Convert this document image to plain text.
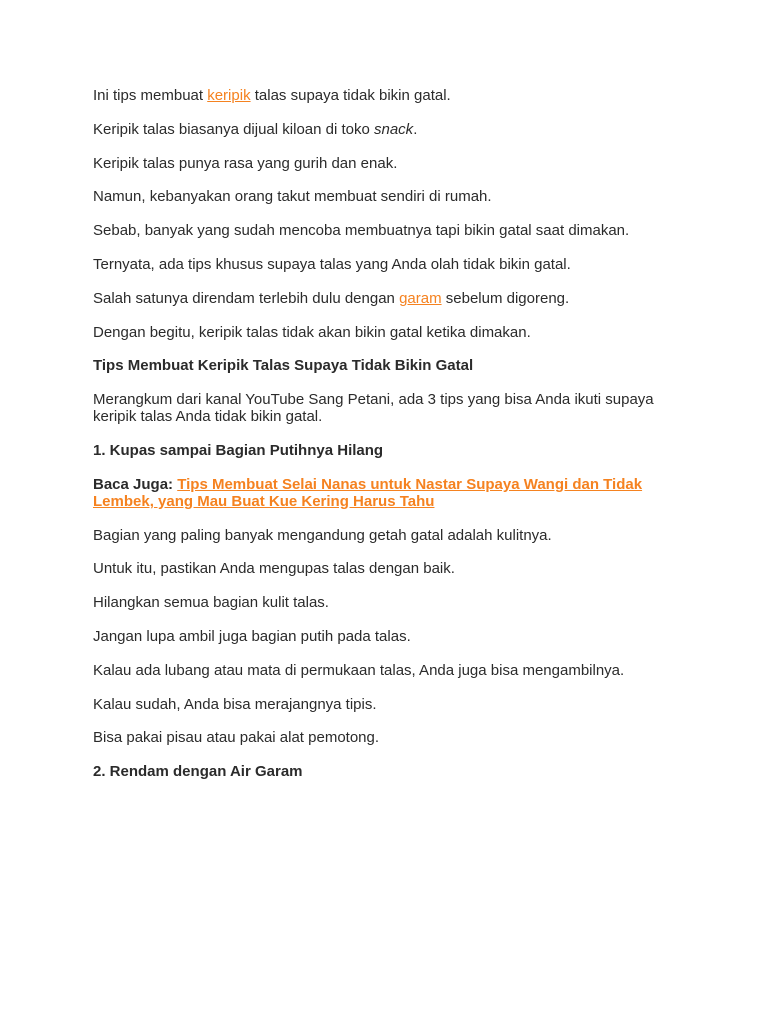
Ini tips membuat keripik talas supaya tidak bikin gatal.

Keripik talas biasanya dijual kiloan di toko snack.

Keripik talas punya rasa yang gurih dan enak.

Namun, kebanyakan orang takut membuat sendiri di rumah.

Sebab, banyak yang sudah mencoba membuatnya tapi bikin gatal saat dimakan.

Ternyata, ada tips khusus supaya talas yang Anda olah tidak bikin gatal.

Salah satunya direndam terlebih dulu dengan garam sebelum digoreng.

Dengan begitu, keripik talas tidak akan bikin gatal ketika dimakan.

Tips Membuat Keripik Talas Supaya Tidak Bikin Gatal

Merangkum dari kanal YouTube Sang Petani, ada 3 tips yang bisa Anda ikuti supaya
keripik talas Anda tidak bikin gatal.

1. Kupas sampai Bagian Putihnya Hilang

Baca Juga: Tips Membuat Selai Nanas untuk Nastar Supaya Wangi dan Tidak
Lembek, yang Mau Buat Kue Kering Harus Tahu

Bagian yang paling banyak mengandung getah gatal adalah kulitnya.

Untuk itu, pastikan Anda mengupas talas dengan baik.

Hilangkan semua bagian kulit talas.

Jangan lupa ambil juga bagian putih pada talas.

Kalau ada lubang atau mata di permukaan talas, Anda juga bisa mengambilnya.

Kalau sudah, Anda bisa merajangnya tipis.

Bisa pakai pisau atau pakai alat pemotong.

2. Rendam dengan Air Garam
